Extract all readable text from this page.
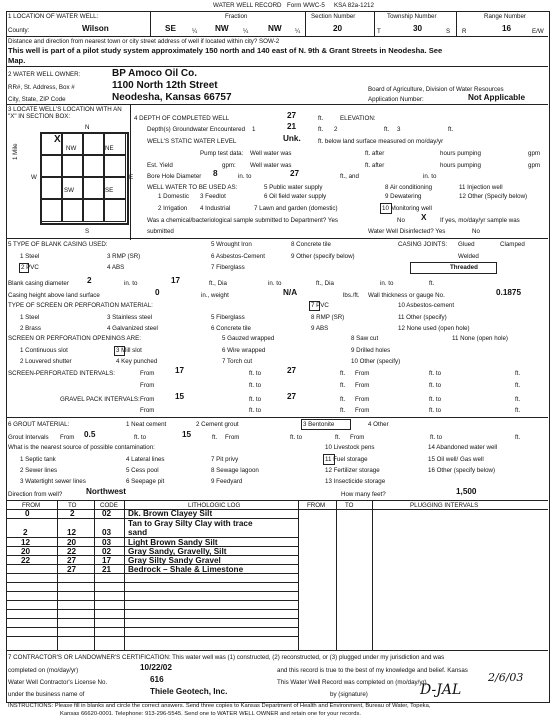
WATER WELL RECORD Form WWC-5 KSA 82a-1212
1 LOCATION OF WATER WELL:
County:	Wilson
Fraction
SE	¼ NW ¼ NW ¼
Section Number
20
Township Number
T	30	S
Range Number
R	16	E/W
Distance and direction from nearest town or city street address of well if located within city? SOW-2
This well is part of a pilot study system approximately 150 north and 140 east of N. 9th & Grant Streets in Neodesha. See
Map.
2 WATER WELL OWNER:	BP Amoco Oil Co.
RR#, St. Address, Box #	1100 North 12th Street
City, State, ZIP Code	Neodesha, Kansas 66757
Board of Agriculture, Division of Water Resources
Application Number:	Not Applicable
3 LOCATE WELL'S LOCATION WITH AN "X" IN SECTION BOX:
N
S
W	E
1 Mile
X
NW	NE
SW	SE
4 DEPTH OF COMPLETED WELL	27	ft.	ELEVATION:
Depth(s) Groundwater Encountered 1	21	ft. 2	ft. 3	ft.
WELL'S STATIC WATER LEVEL	Unk.	ft. below land surface measured on mo/day/yr
Pump test data: Well water was	ft. after	hours pumping	gpm
Est. Yield	gpm: Well water was	ft. after	hours pumping	gpm
Bore Hole Diameter 8	in. to	27	ft., and	in. to
WELL WATER TO BE USED AS:
1 Domestic
2 Irrigation
3 Feedlot
4 Industrial
5 Public water supply
6 Oil field water supply
7 Lawn and garden (domestic)
8 Air conditioning
9 Dewatering
10 Monitoring well
11 Injection well
12 Other (Specify below)
Was a chemical/bacteriological sample submitted to Department? Yes	No X If yes, mo/day/yr sample was
submitted	Water Well Disinfected? Yes	No
5 TYPE OF BLANK CASING USED:
1 Steel
2 PVC
3 RMP (SR)
4 ABS
5 Wrought Iron
6 Asbestos-Cement
7 Fiberglass
8 Concrete tile
9 Other (specify below)
CASING JOINTS: Glued	Clamped
Welded
Threaded
Blank casing diameter 2	in. to	17	ft., Dia	in. to	ft., Dia	in. to	ft.
Casing height above land surface	0	in., weight	N/A	lbs./ft. Wall thickness or gauge No.	0.1875
TYPE OF SCREEN OR PERFORATION MATERIAL:
1 Steel
2 Brass
3 Stainless steel
4 Galvanized steel
5 Fiberglass
6 Concrete tile
7 PVC
8 RMP (SR)
9 ABS
10 Asbestos-cement
11 Other (specify)
12 None used (open hole)
SCREEN OR PERFORATION OPENINGS ARE:
1 Continuous slot
2 Louvered shutter
3 Mill slot
4 Key punched
5 Gauzed wrapped
6 Wire wrapped
7 Torch cut
8 Saw cut
9 Drilled holes
10 Other (specify)
11 None (open hole)
SCREEN-PERFORATED INTERVALS:	From	17	ft. to	27	ft. From	ft. to	ft.
From	ft. to	ft. From	ft. to	ft.
GRAVEL PACK INTERVALS: From	15	ft. to	27	ft. From	ft. to	ft.
From	ft. to	ft. From	ft. to	ft.
6 GROUT MATERIAL:	1 Neat cement	2 Cement grout	3 Bentonite	4 Other
Grout Intervals From 0.5	ft. to	15	ft. From	ft. to	ft. From	ft. to	ft.
What is the nearest source of possible contamination:
1 Septic tank
2 Sewer lines
3 Watertight sewer lines
4 Lateral lines
5 Cess pool
6 Seepage pit
7 Pit privy
8 Sewage lagoon
9 Feedyard
10 Livestock pens
11 Fuel storage
12 Fertilizer storage
13 Insecticide storage
14 Abandoned water well
15 Oil well/ Gas well
16 Other (specify below)
Direction from well?	Northwest	How many feet?	1,500
FROM	TO	CODE	LITHOLOGIC LOG	FROM	TO	PLUGGING INTERVALS
0	2	02 Dk. Brown Clayey Silt
Tan to Gray Silty Clay with trace
2	12	03 sand
12	20	03 Light Brown Sandy Silt
20	22	02 Gray Sandy, Gravelly, Silt
22	27	17 Gray Silty Sandy Gravel
27	21 Bedrock – Shale & Limestone
7 CONTRACTOR'S OR LANDOWNER'S CERTIFICATION: This water well was (1) constructed, (2) reconstructed, or (3) plugged under my jurisdiction and was
completed on (mo/day/yr)	10/22/02	and this record is true to the best of my knowledge and belief. Kansas
Water Well Contractor's License No.	616	This Water Well Record was completed on (mo/day/yr)	2/6/03
under the business name of	Thiele Geotech, Inc.	by (signature)	D-JAL
INSTRUCTIONS: Please fill in blanks and circle the correct answers. Send three copies to Kansas Department of Health and Environment, Bureau of Water, Topeka,
Kansas 66620-0001. Telephone: 913-296-5545. Send one to WATER WELL OWNER and retain one for your records.
